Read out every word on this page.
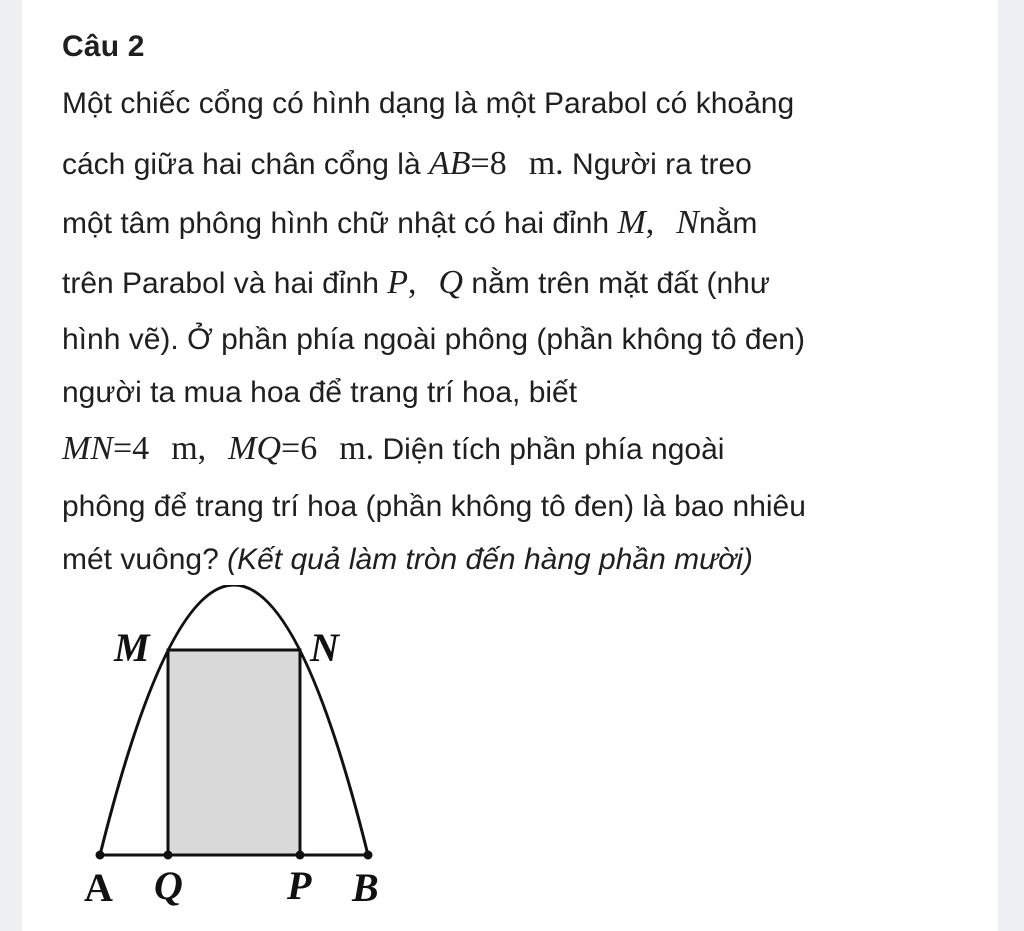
Câu 2
Một chiếc cổng có hình dạng là một Parabol có khoảng
cách giữa hai chân cổng là AB=8 m. Người ra treo
một tâm phông hình chữ nhật có hai đỉnh M, Nnằm
trên Parabol và hai đỉnh P, Q nằm trên mặt đất (như
hình vẽ). Ở phần phía ngoài phông (phần không tô đen)
người ta mua hoa để trang trí hoa, biết
MN=4 m, MQ=6 m. Diện tích phần phía ngoài
phông để trang trí hoa (phần không tô đen) là bao nhiêu
mét vuông? (Kết quả làm tròn đến hàng phần mười)
M	N
A Q	P B
